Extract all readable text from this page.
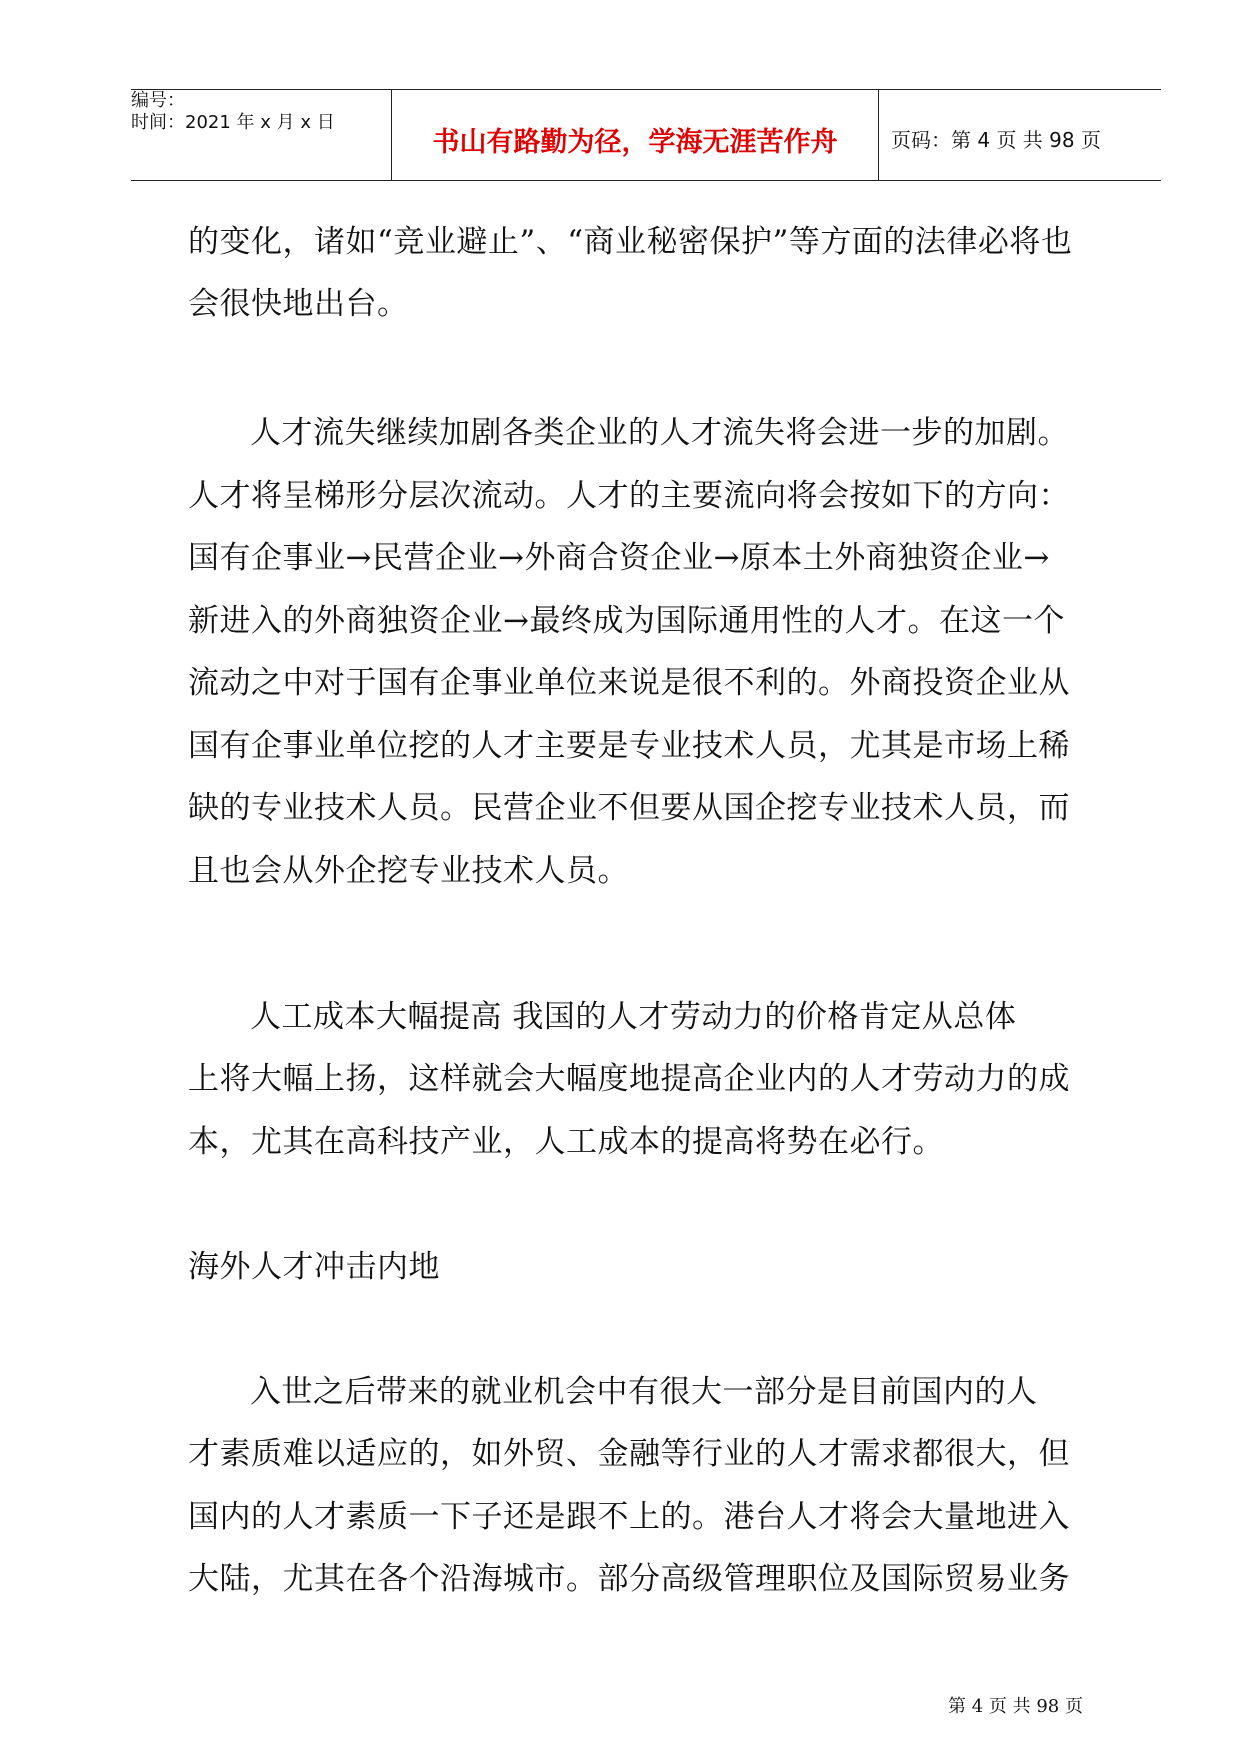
编号：
时间：2021 年 x 月 x 日
书山有路勤为径，学海无涯苦作舟	页码：第 4 页 共 98 页
的变化，诸如“竞业避止”、“商业秘密保护”等方面的法律必将也
会很快地出台。
人才流失继续加剧各类企业的人才流失将会进一步的加剧。
人才将呈梯形分层次流动。人才的主要流向将会按如下的方向：
国有企事业→民营企业→外商合资企业→原本土外商独资企业→
新进入的外商独资企业→最终成为国际通用性的人才。在这一个
流动之中对于国有企事业单位来说是很不利的。外商投资企业从
国有企事业单位挖的人才主要是专业技术人员，尤其是市场上稀
缺的专业技术人员。民营企业不但要从国企挖专业技术人员，而
且也会从外企挖专业技术人员。
人工成本大幅提高 我国的人才劳动力的价格肯定从总体
上将大幅上扬，这样就会大幅度地提高企业内的人才劳动力的成
本，尤其在高科技产业，人工成本的提高将势在必行。
海外人才冲击内地
入世之后带来的就业机会中有很大一部分是目前国内的人
才素质难以适应的，如外贸、金融等行业的人才需求都很大，但
国内的人才素质一下子还是跟不上的。港台人才将会大量地进入
大陆，尤其在各个沿海城市。部分高级管理职位及国际贸易业务
第 4 页 共 98 页
